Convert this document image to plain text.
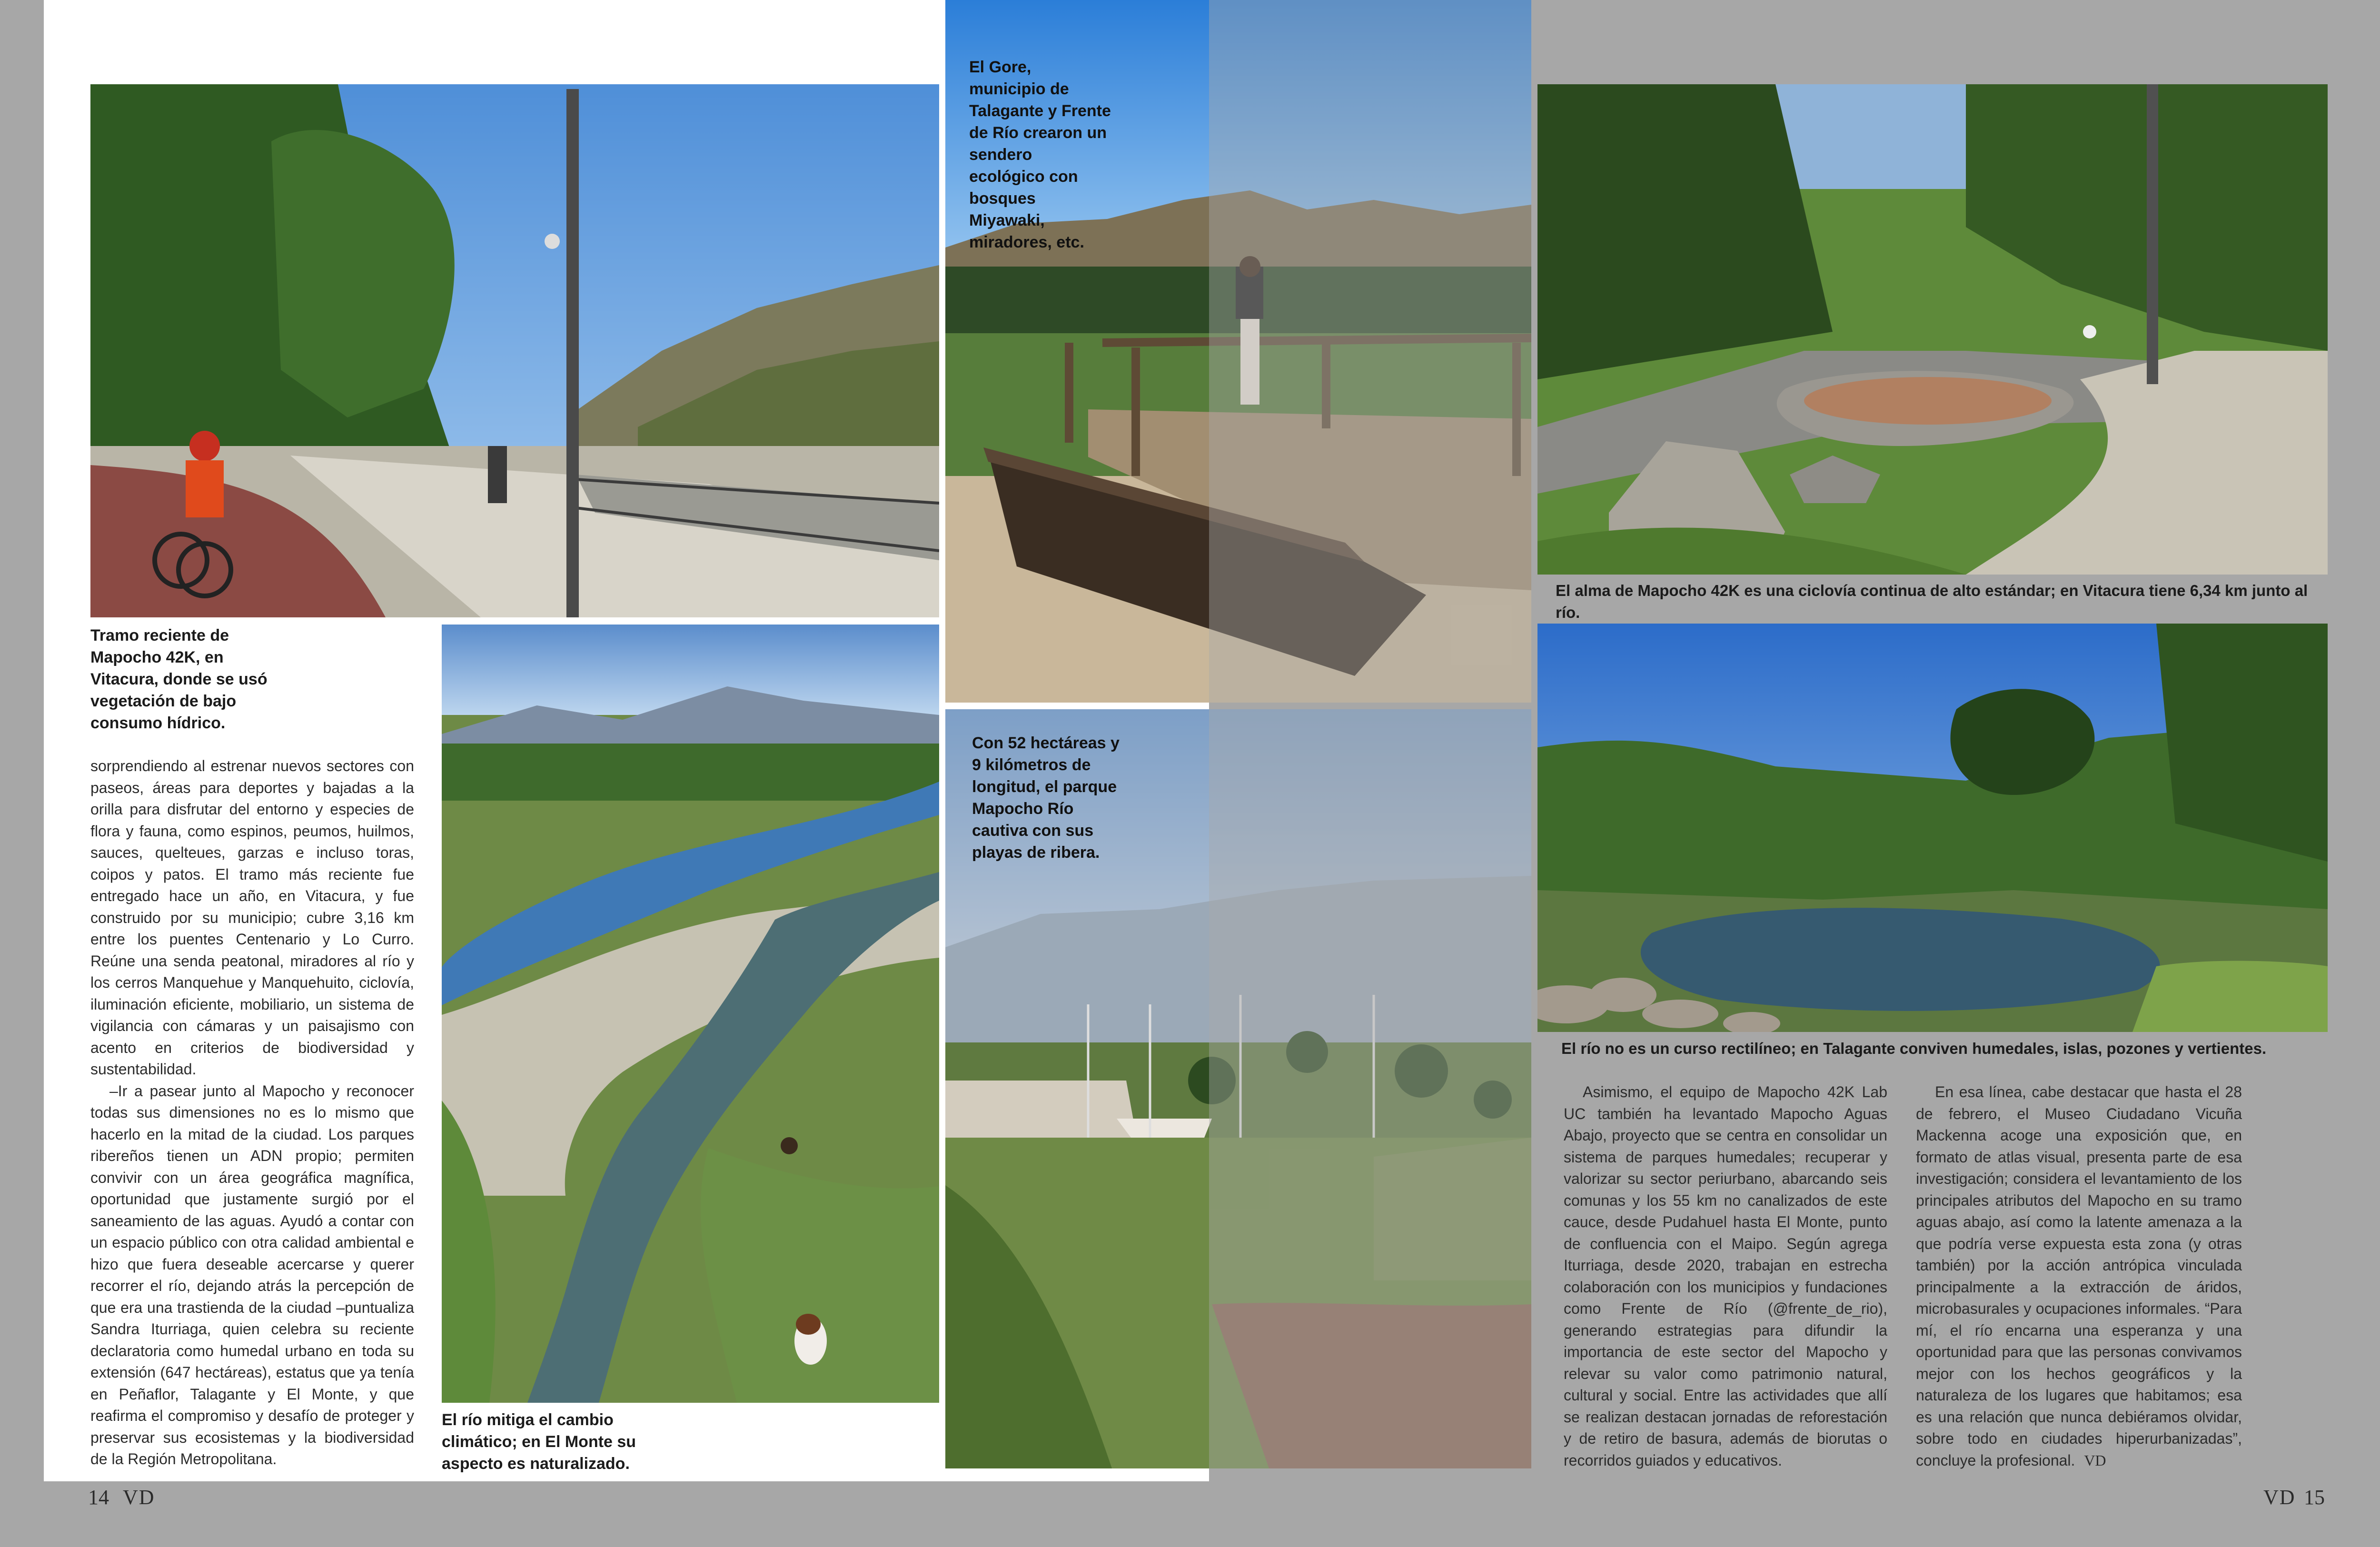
Tramo reciente de Mapocho 42K, en Vitacura, donde se usó vegetación de bajo consumo hídrico.

sorprendiendo al estrenar nuevos sectores con paseos, áreas para deportes y bajadas a la orilla para disfrutar del entorno y especies de flora y fauna, como espinos, peumos, huilmos, sauces, quelteues, garzas e incluso toras, coipos y patos. El tramo más reciente fue entregado hace un año, en Vitacura, y fue construido por su municipio; cubre 3,16 km entre los puentes Centenario y Lo Curro. Reúne una senda peatonal, miradores al río y los cerros Manquehue y Manquehuito, ciclovía, iluminación eficiente, mobiliario, un sistema de vigilancia con cámaras y un paisajismo con acento en criterios de biodiversidad y sustentabilidad.

–Ir a pasear junto al Mapocho y reconocer todas sus dimensiones no es lo mismo que hacerlo en la mitad de la ciudad. Los parques ribereños tienen un ADN propio; permiten convivir con un área geográfica magnífica, oportunidad que justamente surgió por el saneamiento de las aguas. Ayudó a contar con un espacio público con otra calidad ambiental e hizo que fuera deseable acercarse y querer recorrer el río, dejando atrás la percepción de que era una trastienda de la ciudad –puntualiza Sandra Iturriaga, quien celebra su reciente declaratoria como humedal urbano en toda su extensión (647 hectáreas), estatus que ya tenía en Peñaflor, Talagante y El Monte, y que reafirma el compromiso y desafío de proteger y preservar sus ecosistemas y la biodiversidad de la Región Metropolitana.

El río mitiga el cambio climático; en El Monte su aspecto es naturalizado.
14 VD
El Gore, municipio de Talagante y Frente de Río crearon un sendero ecológico con bosques Miyawaki, miradores, etc.
Con 52 hectáreas y 9 kilómetros de longitud, el parque Mapocho Río cautiva con sus playas de ribera.
El alma de Mapocho 42K es una ciclovía continua de alto estándar; en Vitacura tiene 6,34 km junto al río.
El río no es un curso rectilíneo; en Talagante conviven humedales, islas, pozones y vertientes.

Asimismo, el equipo de Mapocho 42K Lab UC también ha levantado Mapocho Aguas Abajo, proyecto que se centra en consolidar un sistema de parques humedales; recuperar y valorizar su sector periurbano, abarcando seis comunas y los 55 km no canalizados de este cauce, desde Pudahuel hasta El Monte, punto de confluencia con el Maipo. Según agrega Iturriaga, desde 2020, trabajan en estrecha colaboración con los municipios y fundaciones como Frente de Río (@frente_de_rio), generando estrategias para difundir la importancia de este sector del Mapocho y relevar su valor como patrimonio natural, cultural y social. Entre las actividades que allí se realizan destacan jornadas de reforestación y de retiro de basura, además de biorutas o recorridos guiados y educativos.

En esa línea, cabe destacar que hasta el 28 de febrero, el Museo Ciudadano Vicuña Mackenna acoge una exposición que, en formato de atlas visual, presenta parte de esa investigación; considera el levantamiento de los principales atributos del Mapocho en su tramo aguas abajo, así como la latente amenaza a la que podría verse expuesta esta zona (y otras también) por la acción antrópica vinculada principalmente a la extracción de áridos, microbasurales y ocupaciones informales. “Para mí, el río encarna una esperanza y una oportunidad para que las personas convivamos mejor con los hechos geográficos y la naturaleza de los lugares que habitamos; esa es una relación que nunca debiéramos olvidar, sobre todo en ciudades hiperurbanizadas”, concluye la profesional. VD

VD 15
